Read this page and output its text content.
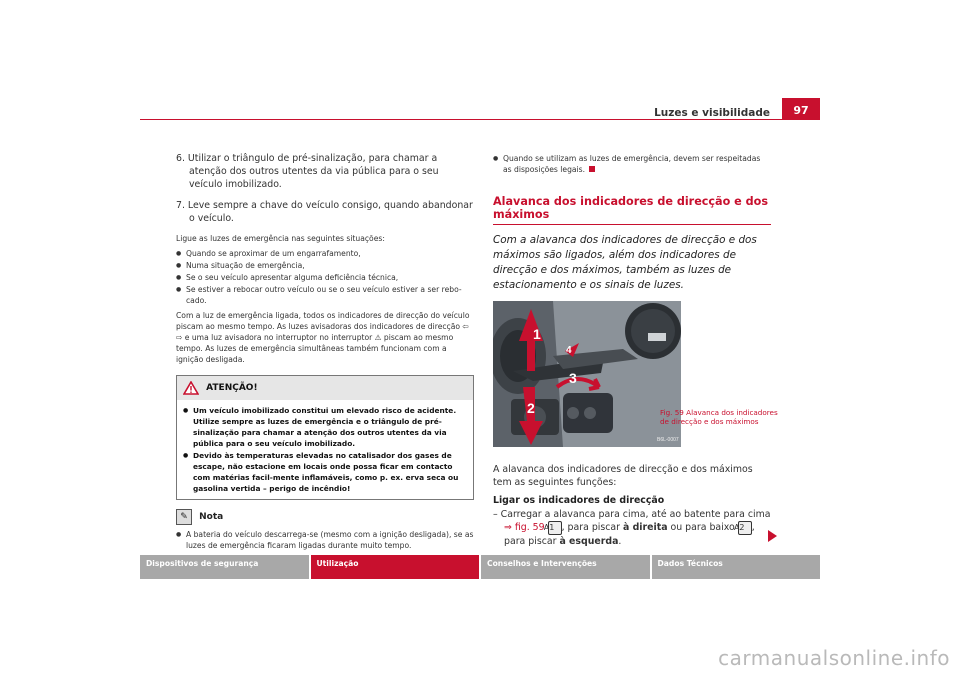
Luzes e visibilidade	97
6. Utilizar o triângulo de pré-sinalização, para chamar a atenção dos outros utentes da via pública para o seu veículo imobilizado.
7. Leve sempre a chave do veículo consigo, quando abandonar o veículo.
Ligue as luzes de emergência nas seguintes situações:
● Quando se aproximar de um engarrafamento,
● Numa situação de emergência,
● Se o seu veículo apresentar alguma deficiência técnica,
● Se estiver a rebocar outro veículo ou se o seu veículo estiver a ser rebo-cado.
Com a luz de emergência ligada, todos os indicadores de direcção do veículo piscam ao mesmo tempo. As luzes avisadoras dos indicadores de direcção ⇦ ⇨ e uma luz avisadora no interruptor no interruptor ⚠ piscam ao mesmo tempo. As luzes de emergência simultâneas também funcionam com a ignição desligada.
ATENÇÃO!
● Um veículo imobilizado constitui um elevado risco de acidente. Utilize sempre as luzes de emergência e o triângulo de pré-sinalização para chamar a atenção dos outros utentes da via pública para o seu veículo imobilizado.
● Devido às temperaturas elevadas no catalisador dos gases de escape, não estacione em locais onde possa ficar em contacto com matérias facil-mente inflamáveis, como p. ex. erva seca ou gasolina vertida – perigo de incêndio!
✎ Nota
● A bateria do veículo descarrega-se (mesmo com a ignição desligada), se as luzes de emergência ficaram ligadas durante muito tempo.
● Quando se utilizam as luzes de emergência, devem ser respeitadas as disposições legais.
Alavanca dos indicadores de direcção e dos máximos
Com a alavanca dos indicadores de direcção e dos máximos são ligados, além dos indicadores de direcção e dos máximos, também as luzes de estacionamento e os sinais de luzes.
1
2
3
4
B6L-0007
A alavanca dos indicadores de direcção e dos máximos tem as seguintes funções:
Ligar os indicadores de direcção
– Carregar a alavanca para cima, até ao batente para cima ⇒ fig. 59 A1 , para piscar à direita ou para baixo A2 , para piscar à esquerda.
Fig. 59 Alavanca dos indicadores de direcção e dos máximos
Dispositivos de segurança	Utilização	Conselhos e Intervenções	Dados Técnicos
carmanualsonline.info
